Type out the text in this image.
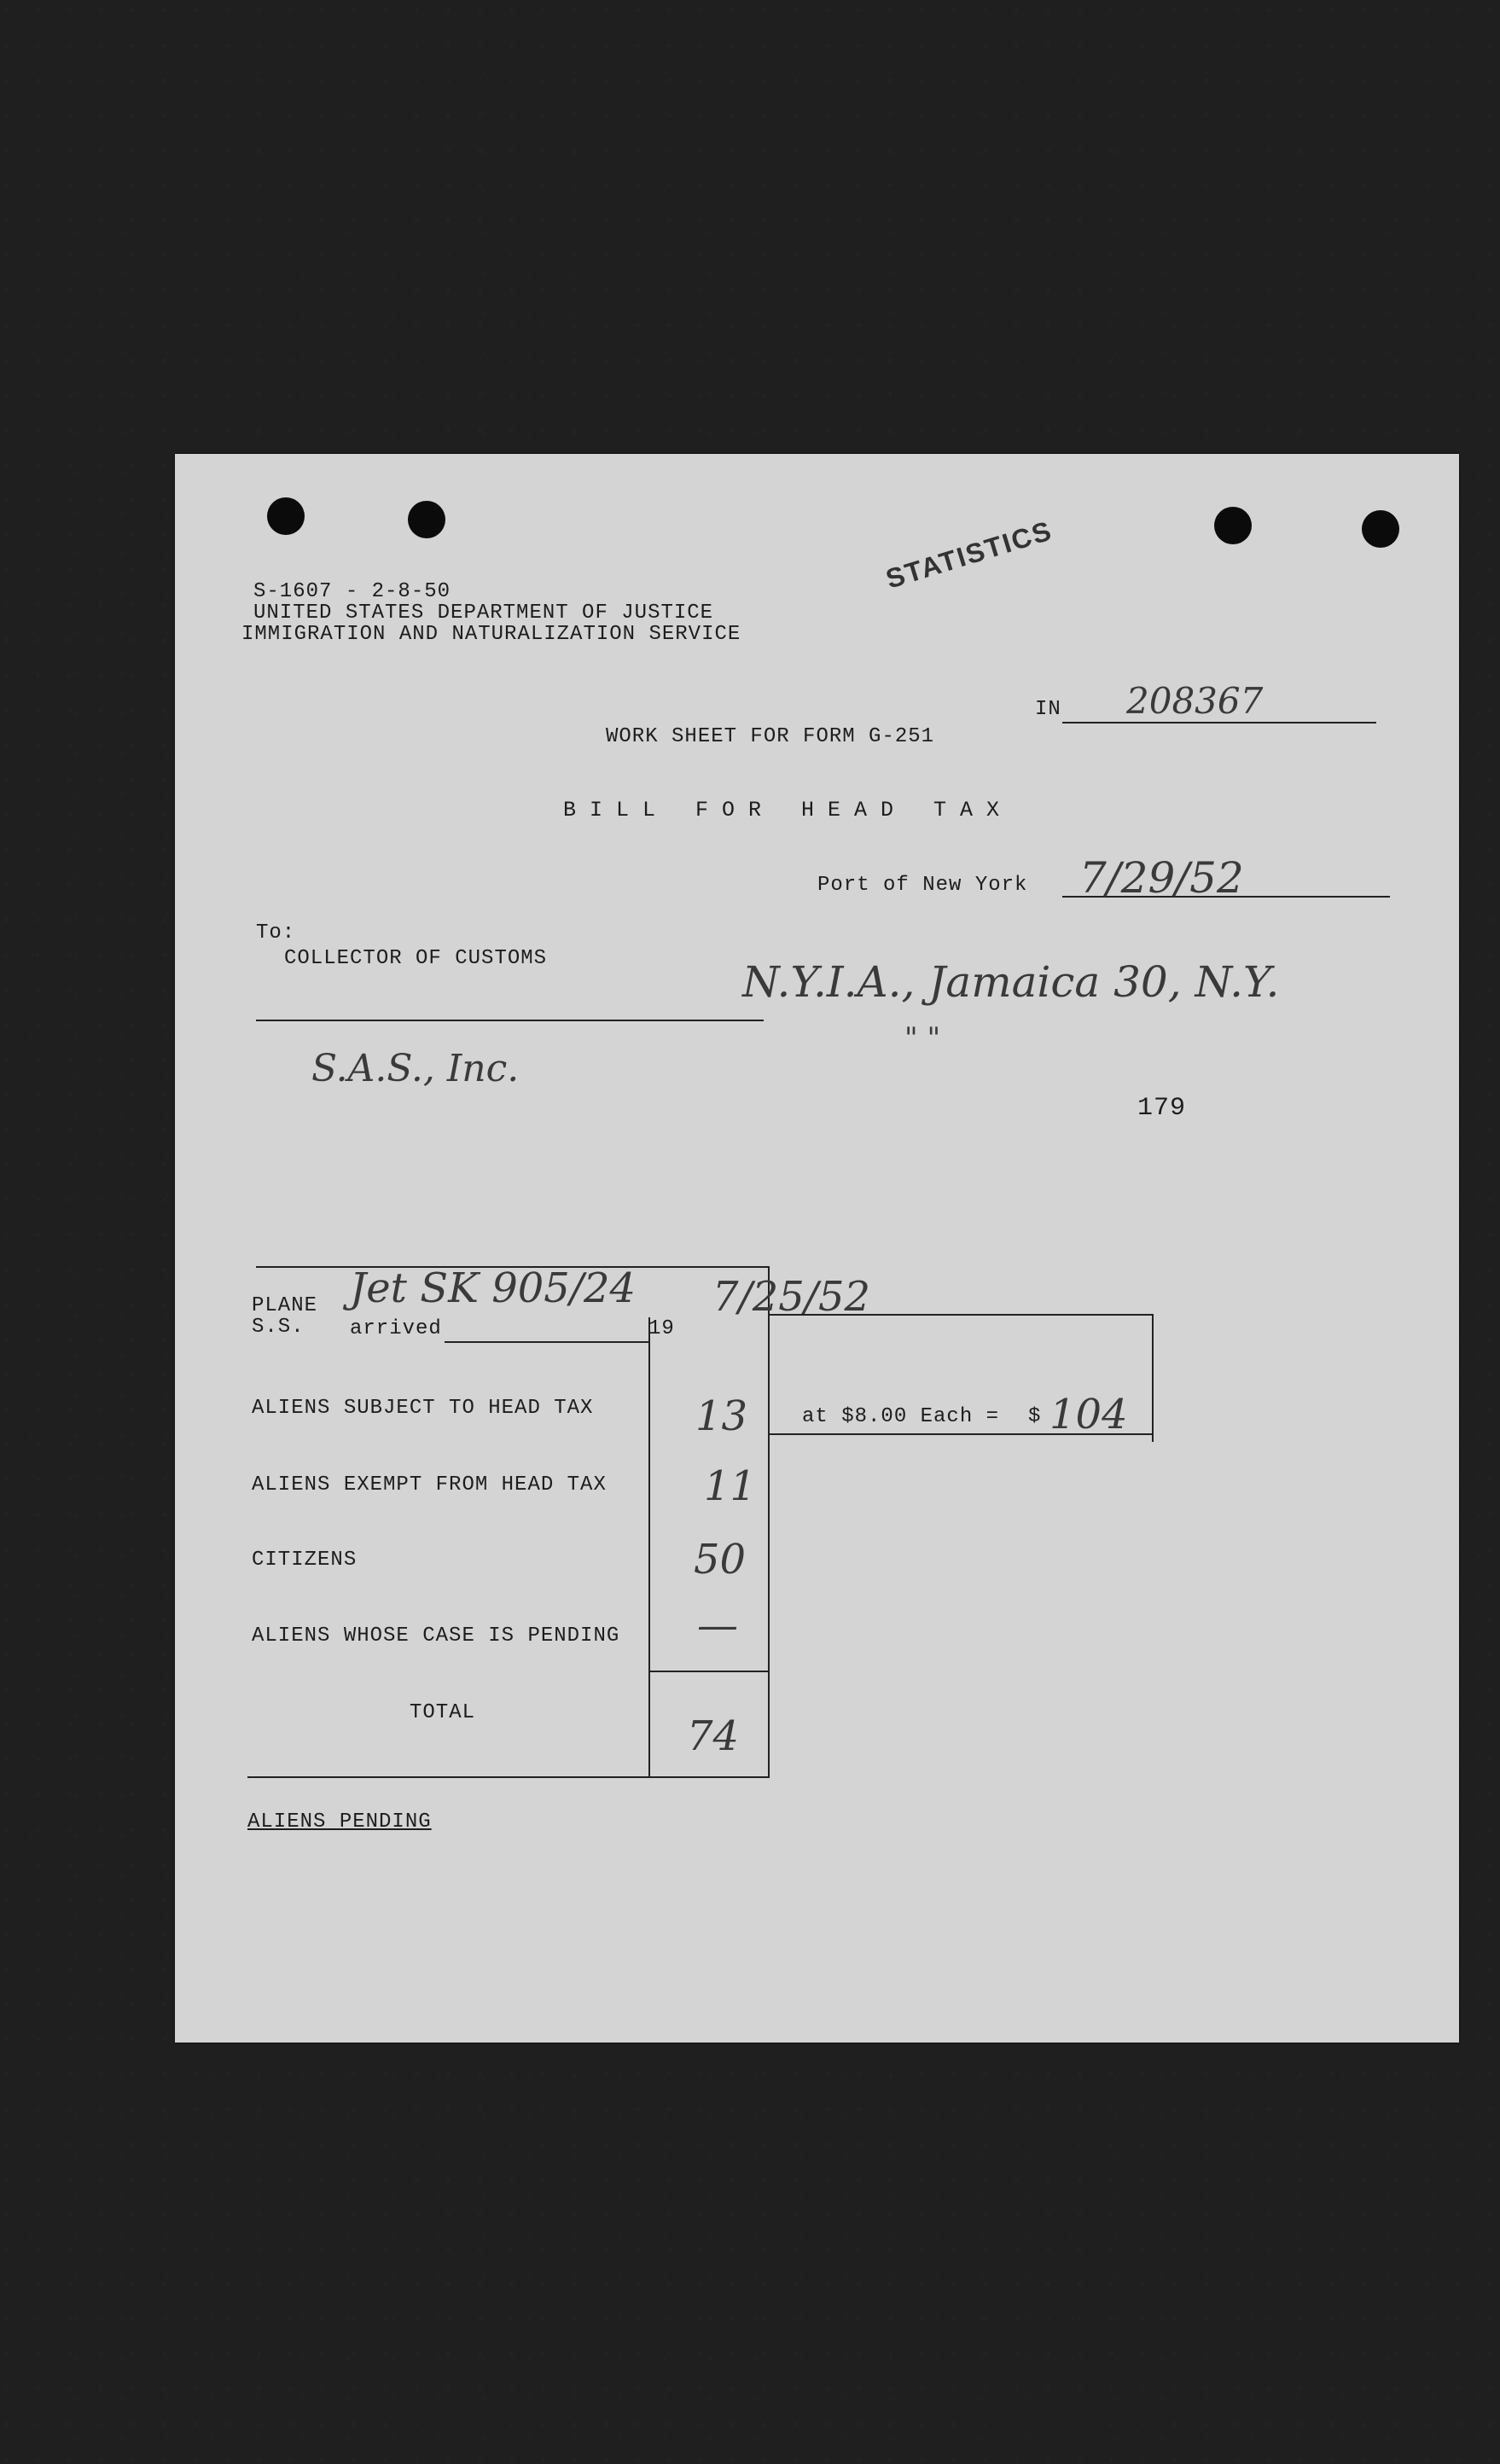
S-1607 - 2-8-50
UNITED STATES DEPARTMENT OF JUSTICE
IMMIGRATION AND NATURALIZATION SERVICE
STATISTICS
IN 208367
WORK SHEET FOR FORM G-251
BILL FOR HEAD TAX
Port of New York 7/29/52
To:
COLLECTOR OF CUSTOMS	N.Y.I.A., Jamaica 30, N.Y.
" "
S.A.S., Inc.
179
PLANE
S.S. arrived	19
Jet SK 905/24 7/25/52
ALIENS SUBJECT TO HEAD TAX 13	at $8.00 Each = $ 104
ALIENS EXEMPT FROM HEAD TAX 11
CITIZENS	50
ALIENS WHOSE CASE IS PENDING —
TOTAL	74
ALIENS PENDING
